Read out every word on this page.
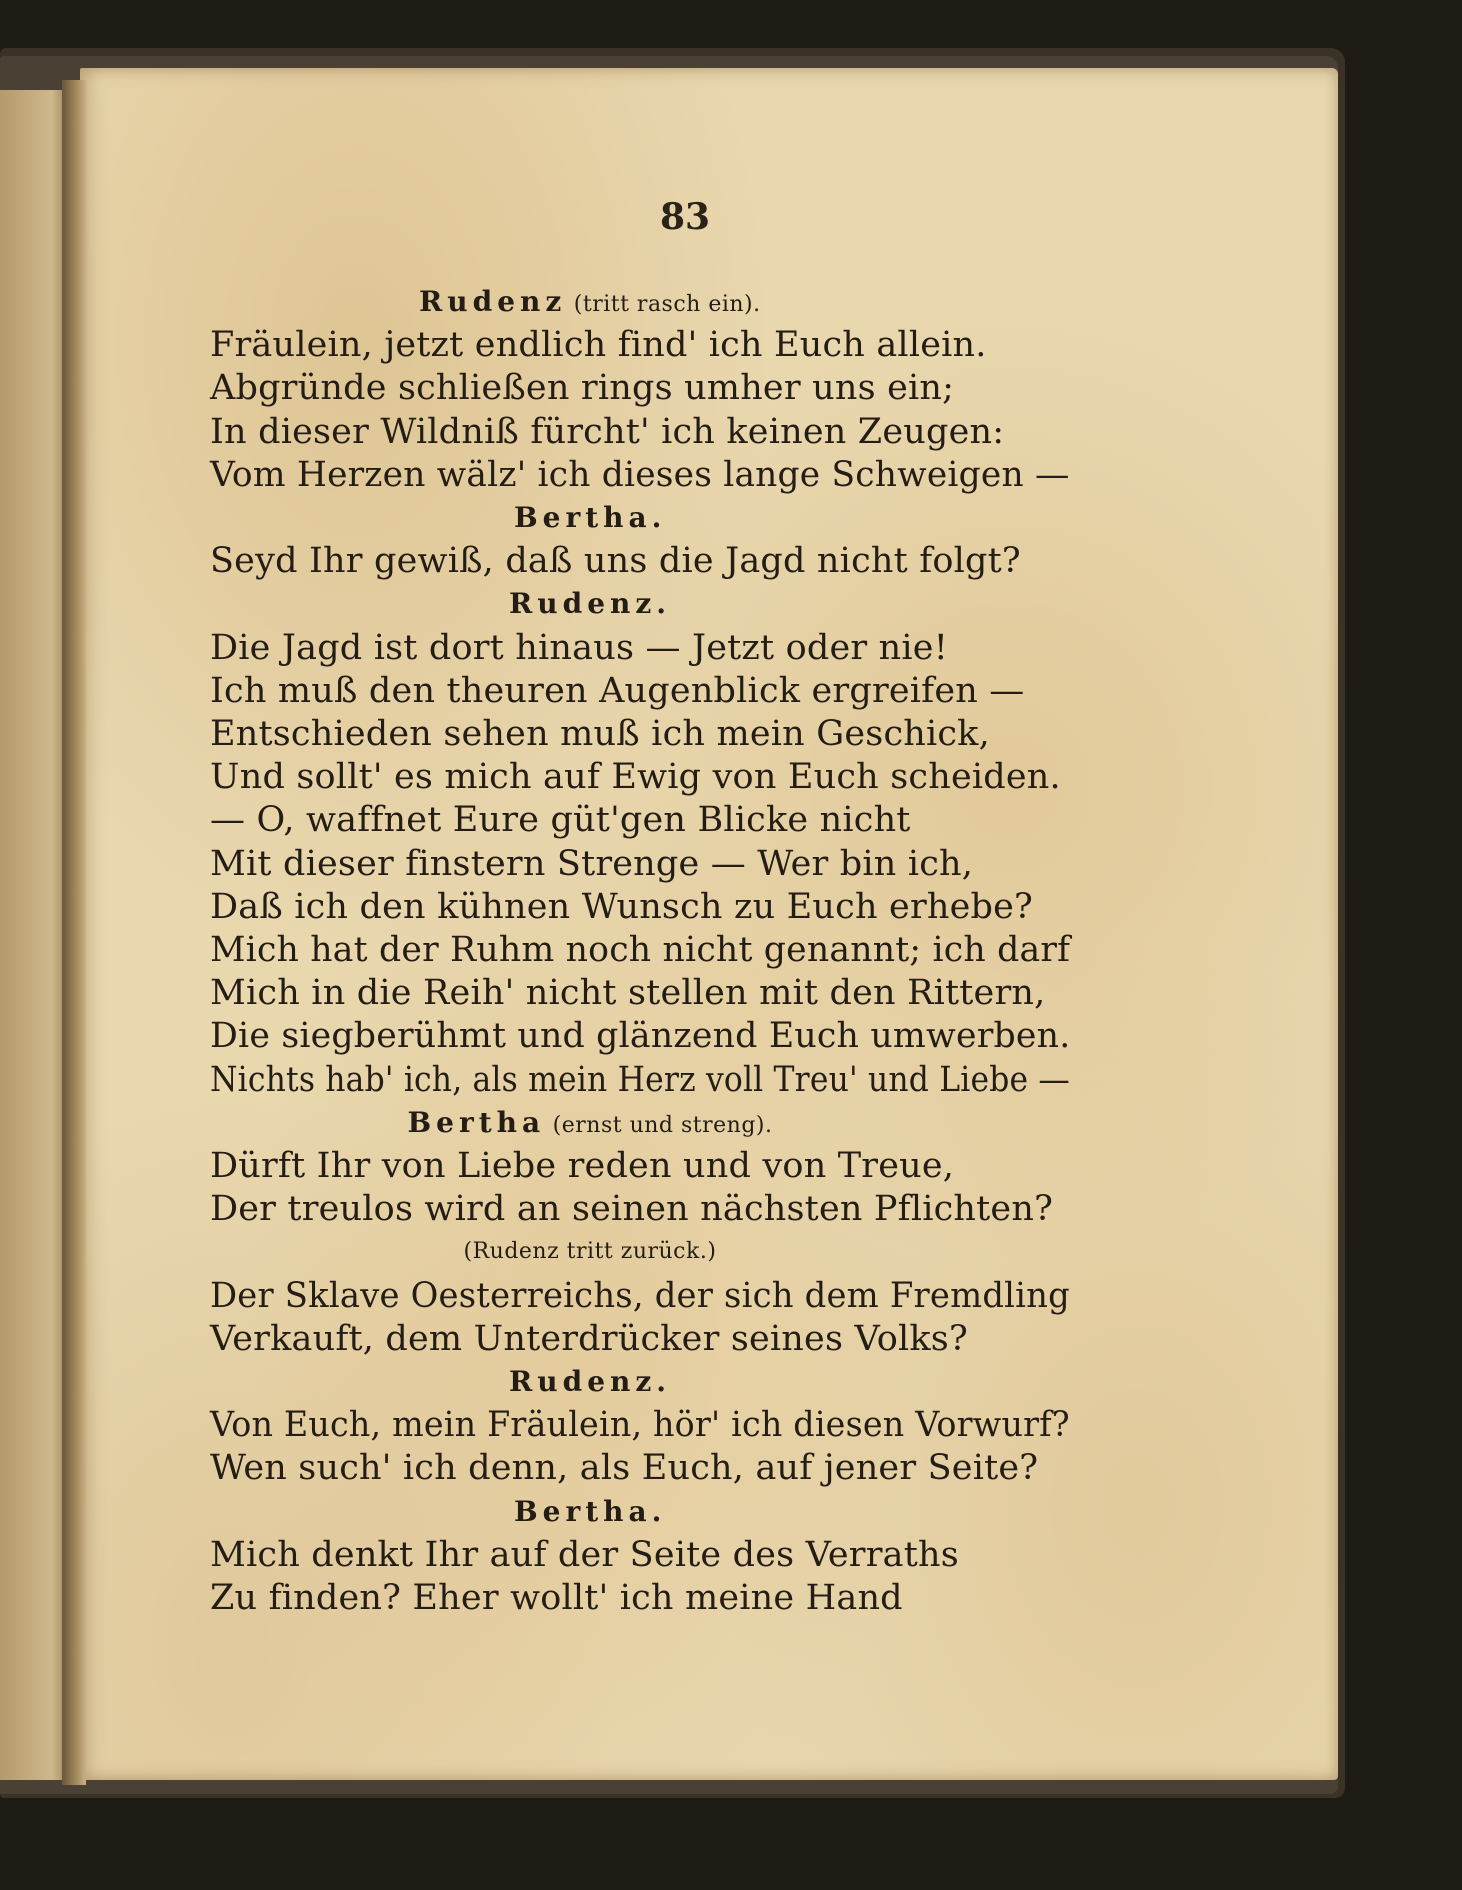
83
Rudenz (tritt rasch ein).
Fräulein, jetzt endlich find' ich Euch allein.
Abgründe schließen rings umher uns ein;
In dieser Wildniß fürcht' ich keinen Zeugen:
Vom Herzen wälz' ich dieses lange Schweigen —
Bertha.
Seyd Ihr gewiß, daß uns die Jagd nicht folgt?
Rudenz.
Die Jagd ist dort hinaus — Jetzt oder nie!
Ich muß den theuren Augenblick ergreifen —
Entschieden sehen muß ich mein Geschick,
Und sollt' es mich auf Ewig von Euch scheiden.
— O, waffnet Eure güt'gen Blicke nicht
Mit dieser finstern Strenge — Wer bin ich,
Daß ich den kühnen Wunsch zu Euch erhebe?
Mich hat der Ruhm noch nicht genannt; ich darf
Mich in die Reih' nicht stellen mit den Rittern,
Die siegberühmt und glänzend Euch umwerben.
Nichts hab' ich, als mein Herz voll Treu' und Liebe —
Bertha (ernst und streng).
Dürft Ihr von Liebe reden und von Treue,
Der treulos wird an seinen nächsten Pflichten?
(Rudenz tritt zurück.)
Der Sklave Oesterreichs, der sich dem Fremdling
Verkauft, dem Unterdrücker seines Volks?
Rudenz.
Von Euch, mein Fräulein, hör' ich diesen Vorwurf?
Wen such' ich denn, als Euch, auf jener Seite?
Bertha.
Mich denkt Ihr auf der Seite des Verraths
Zu finden? Eher wollt' ich meine Hand
